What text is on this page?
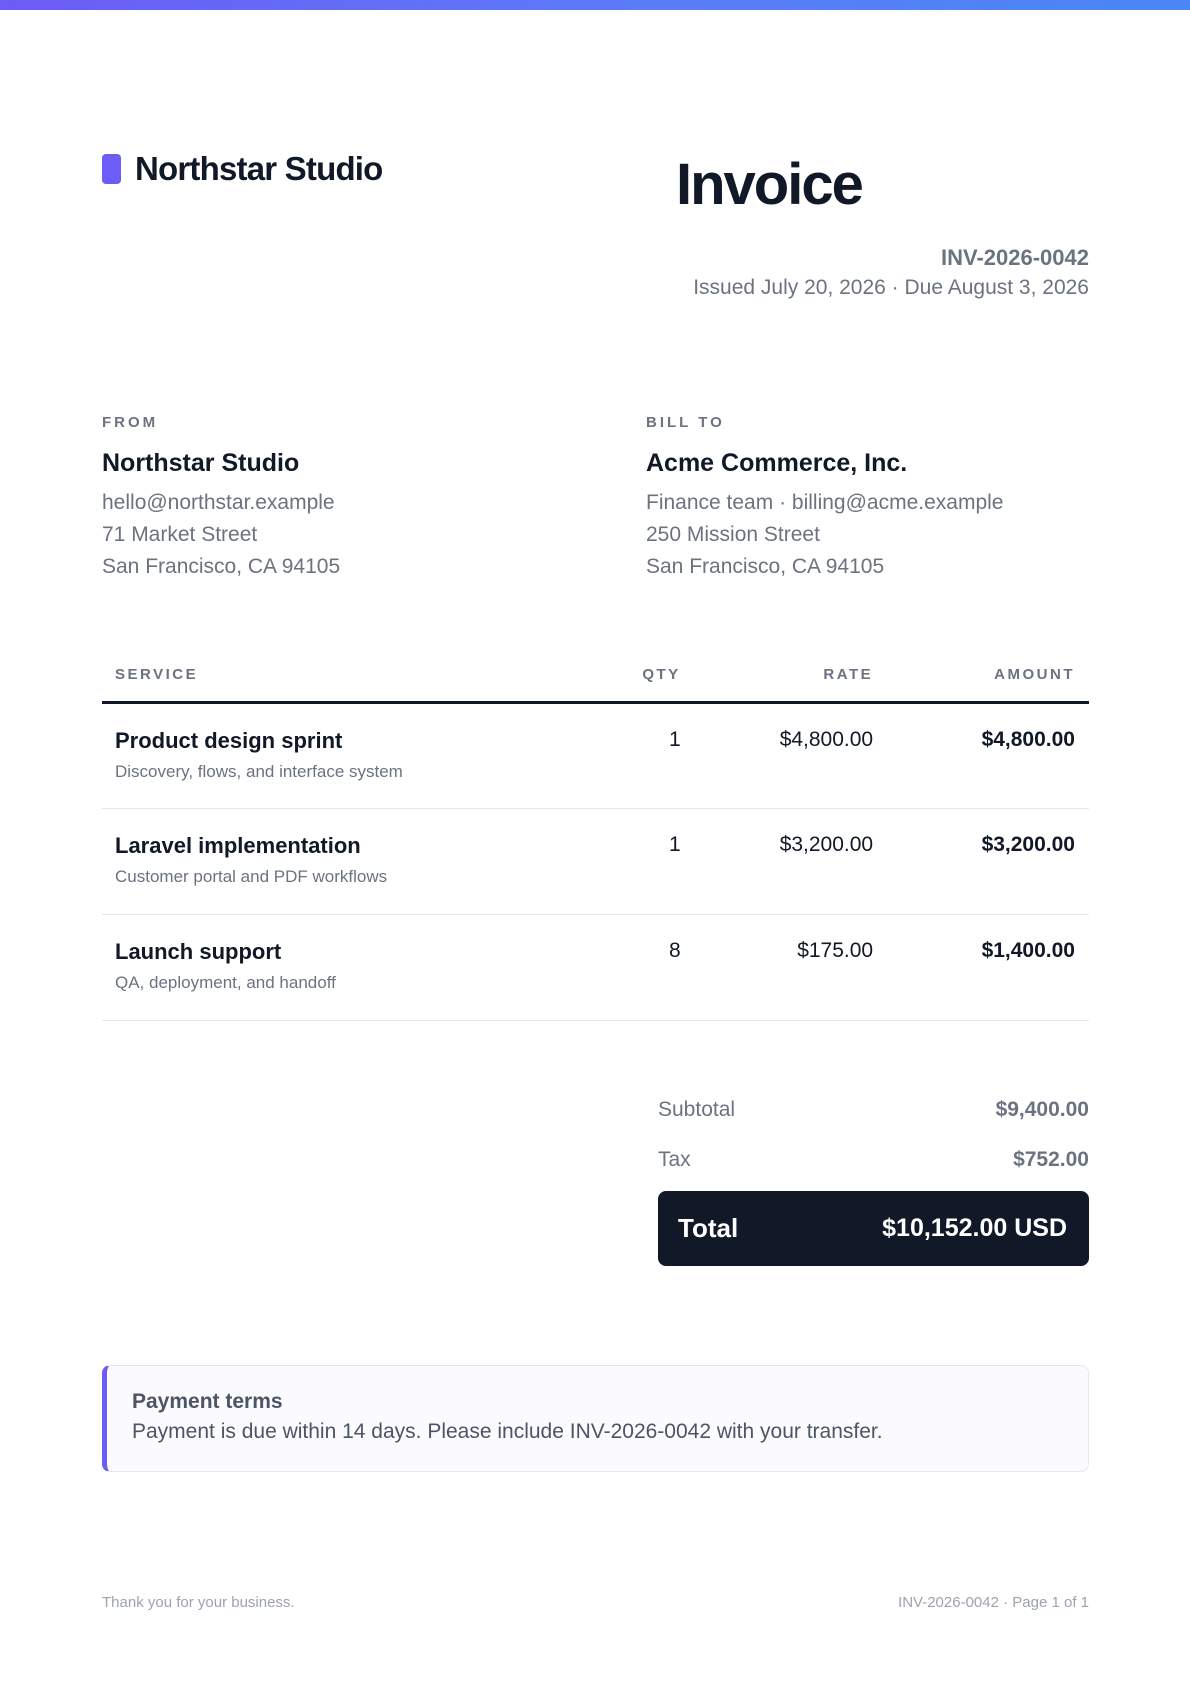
Northstar Studio	Invoice
INV-2026-0042
Issued July 20, 2026 · Due August 3, 2026
FROM
Northstar Studio
hello@northstar.example
71 Market Street
San Francisco, CA 94105
BILL TO
Acme Commerce, Inc.
Finance team · billing@acme.example
250 Mission Street
San Francisco, CA 94105
SERVICE	QTY	RATE	AMOUNT

Product design sprint
Discovery, flows, and interface system	1	$4,800.00	$4,800.00

Laravel implementation
Customer portal and PDF workflows	1	$3,200.00	$3,200.00

Launch support
QA, deployment, and handoff	8	$175.00	$1,400.00
Subtotal	$9,400.00
Tax	$752.00
Total	$10,152.00 USD
Payment terms
Payment is due within 14 days. Please include INV-2026-0042 with your transfer.
Thank you for your business.	INV-2026-0042 · Page 1 of 1
